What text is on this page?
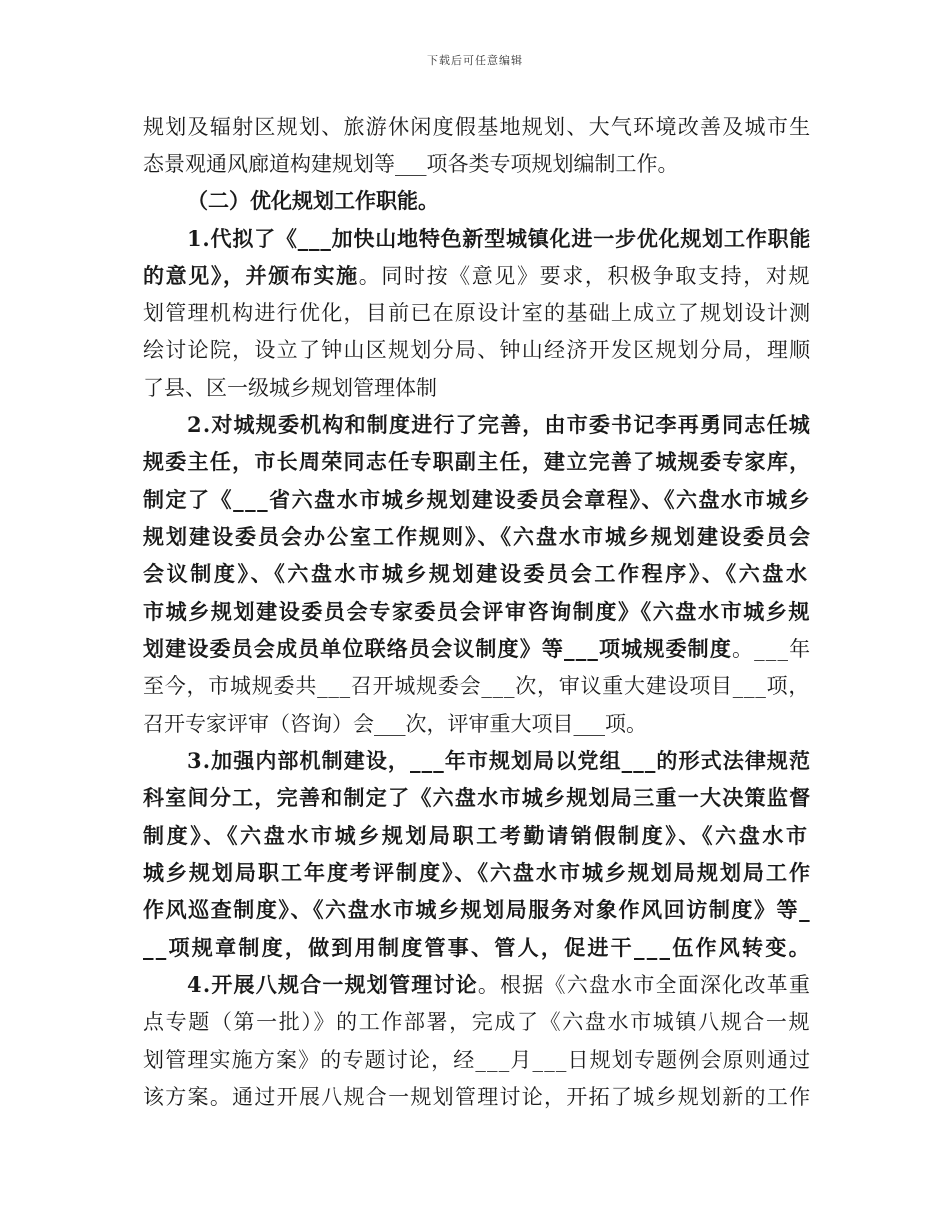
下载后可任意编辑

规划及辐射区规划、旅游休闲度假基地规划、大气环境改善及城市生

态景观通风廊道构建规划等___项各类专项规划编制工作。

（二）优化规划工作职能。

1.代拟了《___加快山地特色新型城镇化进一步优化规划工作职能

的意见》，并颁布实施。同时按《意见》要求，积极争取支持，对规

划管理机构进行优化，目前已在原设计室的基础上成立了规划设计测

绘讨论院，设立了钟山区规划分局、钟山经济开发区规划分局，理顺

了县、区一级城乡规划管理体制

2.对城规委机构和制度进行了完善，由市委书记李再勇同志任城

规委主任，市长周荣同志任专职副主任，建立完善了城规委专家库，

制定了《___省六盘水市城乡规划建设委员会章程》、《六盘水市城乡

规划建设委员会办公室工作规则》、《六盘水市城乡规划建设委员会

会议制度》、《六盘水市城乡规划建设委员会工作程序》、《六盘水

市城乡规划建设委员会专家委员会评审咨询制度》《六盘水市城乡规

划建设委员会成员单位联络员会议制度》等___项城规委制度。___年

至今，市城规委共___召开城规委会___次，审议重大建设项目___项，

召开专家评审（咨询）会___次，评审重大项目___项。

3.加强内部机制建设，___年市规划局以党组___的形式法律规范

科室间分工，完善和制定了《六盘水市城乡规划局三重一大决策监督

制度》、《六盘水市城乡规划局职工考勤请销假制度》、《六盘水市

城乡规划局职工年度考评制度》、《六盘水市城乡规划局规划局工作

作风巡查制度》、《六盘水市城乡规划局服务对象作风回访制度》等_

__项规章制度，做到用制度管事、管人，促进干___伍作风转变。

4.开展八规合一规划管理讨论。根据《六盘水市全面深化改革重

点专题（第一批）》的工作部署，完成了《六盘水市城镇八规合一规

划管理实施方案》的专题讨论，经___月___日规划专题例会原则通过

该方案。通过开展八规合一规划管理讨论，开拓了城乡规划新的工作
